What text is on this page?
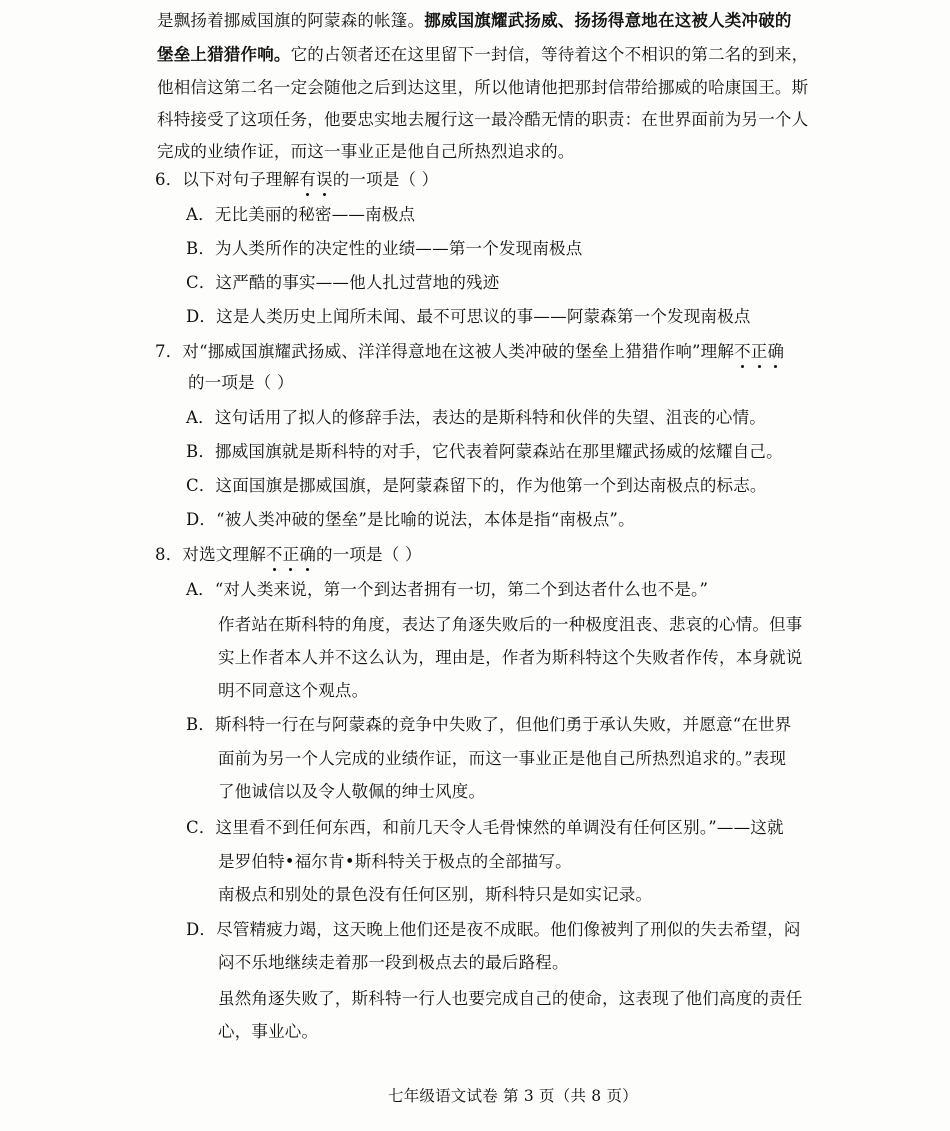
是飘扬着挪威国旗的阿蒙森的帐篷。挪威国旗耀武扬威、扬扬得意地在这被人类冲破的
堡垒上猎猎作响。它的占领者还在这里留下一封信，等待着这个不相识的第二名的到来，
他相信这第二名一定会随他之后到达这里，所以他请他把那封信带给挪威的哈康国王。斯
科特接受了这项任务，他要忠实地去履行这一最冷酷无情的职责：在世界面前为另一个人
完成的业绩作证，而这一事业正是他自己所热烈追求的。
6．以下对句子理解有误的一项是（ ）
A．无比美丽的秘密——南极点
B．为人类所作的决定性的业绩——第一个发现南极点
C．这严酷的事实——他人扎过营地的残迹
D．这是人类历史上闻所未闻、最不可思议的事——阿蒙森第一个发现南极点
7．对“挪威国旗耀武扬威、洋洋得意地在这被人类冲破的堡垒上猎猎作响”理解不正确
的一项是（ ）
A．这句话用了拟人的修辞手法，表达的是斯科特和伙伴的失望、沮丧的心情。
B．挪威国旗就是斯科特的对手，它代表着阿蒙森站在那里耀武扬威的炫耀自己。
C．这面国旗是挪威国旗，是阿蒙森留下的，作为他第一个到达南极点的标志。
D．“被人类冲破的堡垒”是比喻的说法，本体是指“南极点”。
8．对选文理解不正确的一项是（ ）
A．“对人类来说，第一个到达者拥有一切，第二个到达者什么也不是。”
作者站在斯科特的角度，表达了角逐失败后的一种极度沮丧、悲哀的心情。但事
实上作者本人并不这么认为，理由是，作者为斯科特这个失败者作传，本身就说
明不同意这个观点。
B．斯科特一行在与阿蒙森的竞争中失败了，但他们勇于承认失败，并愿意“在世界
面前为另一个人完成的业绩作证，而这一事业正是他自己所热烈追求的。”表现
了他诚信以及令人敬佩的绅士风度。
C．这里看不到任何东西，和前几天令人毛骨悚然的单调没有任何区别。”——这就
是罗伯特•福尔肯•斯科特关于极点的全部描写。
南极点和别处的景色没有任何区别，斯科特只是如实记录。
D．尽管精疲力竭，这天晚上他们还是夜不成眠。他们像被判了刑似的失去希望，闷
闷不乐地继续走着那一段到极点去的最后路程。
虽然角逐失败了，斯科特一行人也要完成自己的使命，这表现了他们高度的责任
心，事业心。
七年级语文试卷 第 3 页（共 8 页）
